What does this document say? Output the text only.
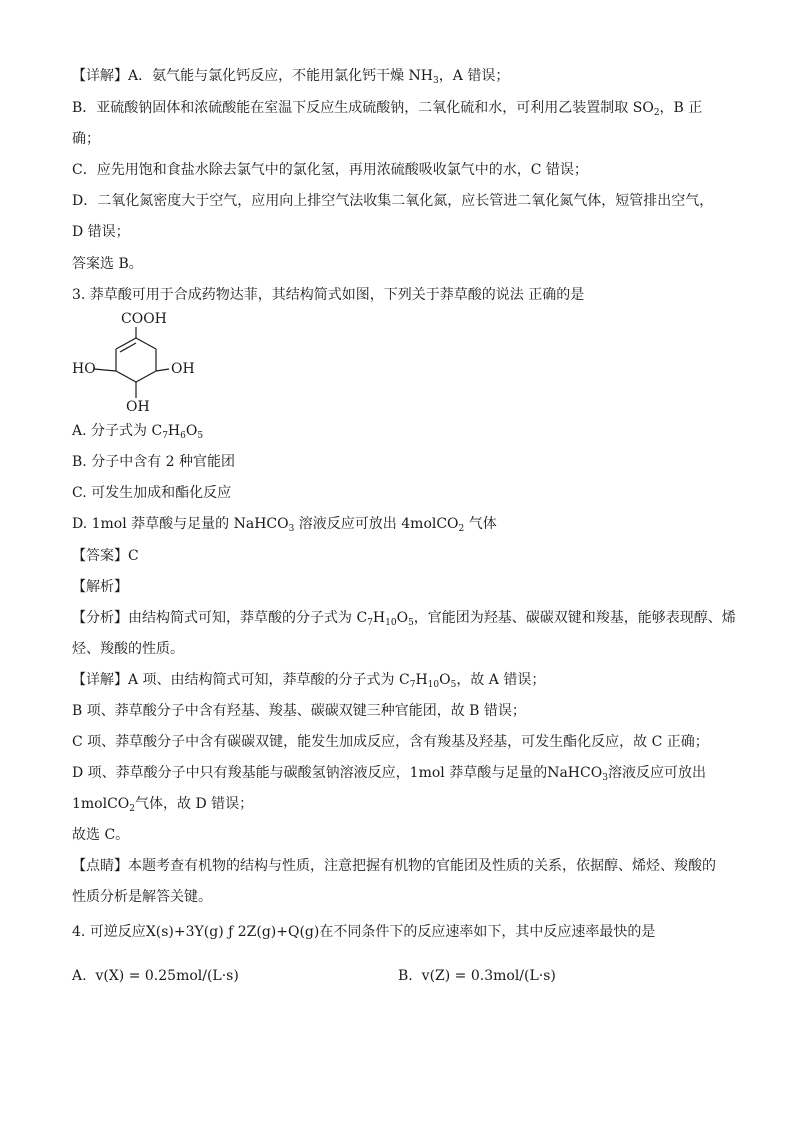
【详解】A．氨气能与氯化钙反应，不能用氯化钙干燥 $NH_3$，A 错误；
B．亚硫酸钠固体和浓硫酸能在室温下反应生成硫酸钠，二氧化硫和水，可利用乙装置制取 $SO_2$，B 正
确；
C．应先用饱和食盐水除去氯气中的氯化氢，再用浓硫酸吸收氯气中的水，C 错误；
D．二氧化氮密度大于空气，应用向上排空气法收集二氧化氮，应长管进二氧化氮气体，短管排出空气，
D 错误；
答案选 B。
3. 莽草酸可用于合成药物达菲，其结构简式如图，下列关于莽草酸的说法 正确的是
COOH
HO	OH
OH
A. 分子式为 $C_7H_6O_5$
B. 分子中含有 2 种官能团
C. 可发生加成和酯化反应
D. 1mol 莽草酸与足量的 NaHCO$_3$ 溶液反应可放出 4molCO$_2$ 气体
【答案】C
【解析】
【分析】由结构简式可知，莽草酸的分子式为 $C_7H_{10}O_5$，官能团为羟基、碳碳双键和羧基，能够表现醇、烯
烃、羧酸的性质。
【详解】A 项、由结构简式可知，莽草酸的分子式为 $C_7H_{10}O_5$，故 A 错误；
B 项、莽草酸分子中含有羟基、羧基、碳碳双键三种官能团，故 B 错误；
C 项、莽草酸分子中含有碳碳双键，能发生加成反应，含有羧基及羟基，可发生酯化反应，故 C 正确；
D 项、莽草酸分子中只有羧基能与碳酸氢钠溶液反应，1mol 莽草酸与足量的NaHCO$_3$溶液反应可放出
1molCO$_2$气体，故 D 错误；
故选 C。
【点睛】本题考查有机物的结构与性质，注意把握有机物的官能团及性质的关系，依据醇、烯烃、羧酸的
性质分析是解答关键。
4. 可逆反应X(s)+3Y(g) ƒ 2Z(g)+Q(g)在不同条件下的反应速率如下，其中反应速率最快的是
A. v(X) = 0.25mol/(L·s)	B. v(Z) = 0.3mol/(L·s)
